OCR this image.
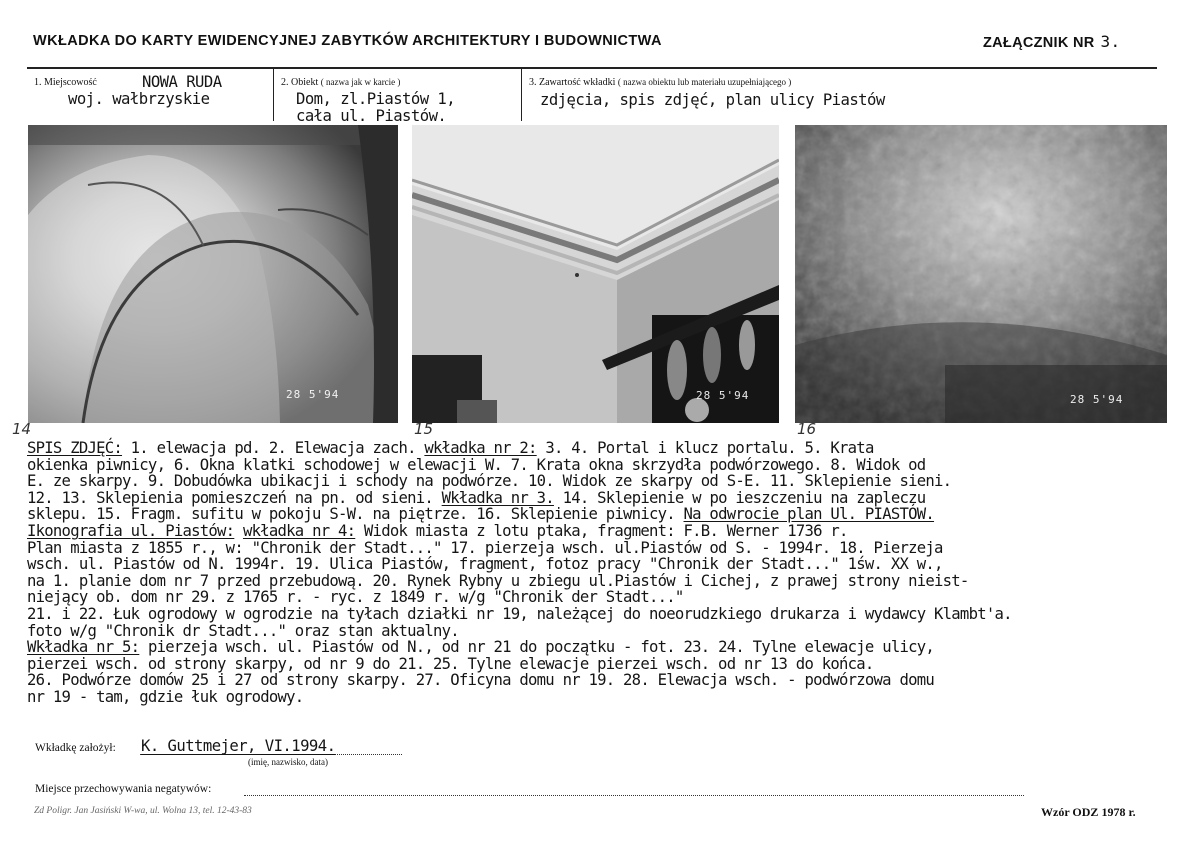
WKŁADKA DO KARTY EWIDENCYJNEJ ZABYTKÓW ARCHITEKTURY I BUDOWNICTWA	ZAŁĄCZNIK NR 3.
1. Miejscowość	NOWA RUDA
woj. wałbrzyskie
2. Obiekt ( nazwa jak w karcie )
Dom, zl.Piastów 1,
cała ul. Piastów.
3. Zawartość wkładki ( nazwa obiektu lub materiału uzupełniającego )
zdjęcia, spis zdjęć, plan ulicy Piastów
28 5'94	28 5'94	28 5'94
14	15	16
SPIS ZDJĘĆ: 1. elewacja pd. 2. Elewacja zach. wkładka nr 2: 3. 4. Portal i klucz portalu. 5. Krata
okienka piwnicy, 6. Okna klatki schodowej w elewacji W. 7. Krata okna skrzydła podwórzowego. 8. Widok od
E. ze skarpy. 9. Dobudówka ubikacji i schody na podwórze. 10. Widok ze skarpy od S-E. 11. Sklepienie sieni.
12. 13. Sklepienia pomieszczeń na pn. od sieni. Wkładka nr 3. 14. Sklepienie w po ieszczeniu na zapleczu
sklepu. 15. Fragm. sufitu w pokoju S-W. na piętrze. 16. Sklepienie piwnicy. Na odwrocie plan Ul. PIASTÓW.
Ikonografia ul. Piastów: wkładka nr 4: Widok miasta z lotu ptaka, fragment: F.B. Werner 1736 r.
Plan miasta z 1855 r., w: "Chronik der Stadt..." 17. pierzeja wsch. ul.Piastów od S. - 1994r. 18. Pierzeja
wsch. ul. Piastów od N. 1994r. 19. Ulica Piastów, fragment, fotoz pracy "Chronik der Stadt..." 1św. XX w.,
na 1. planie dom nr 7 przed przebudową. 20. Rynek Rybny u zbiegu ul.Piastów i Cichej, z prawej strony nieist-
niejący ob. dom nr 29. z 1765 r. - ryc. z 1849 r. w/g "Chronik der Stadt..."
21. i 22. Łuk ogrodowy w ogrodzie na tyłach działki nr 19, należącej do noeorudzkiego drukarza i wydawcy Klambt'a.
foto w/g "Chronik dr Stadt..." oraz stan aktualny.
Wkładka nr 5: pierzeja wsch. ul. Piastów od N., od nr 21 do początku - fot. 23. 24. Tylne elewacje ulicy,
pierzei wsch. od strony skarpy, od nr 9 do 21. 25. Tylne elewacje pierzei wsch. od nr 13 do końca.
26. Podwórze domów 25 i 27 od strony skarpy. 27. Oficyna domu nr 19. 28. Elewacja wsch. - podwórzowa domu
nr 19 - tam, gdzie łuk ogrodowy.
Wkładkę założył: K. Guttmejer, VI.1994.
(imię, nazwisko, data)
Miejsce przechowywania negatywów:
Zd Poligr. Jan Jasiński W-wa, ul. Wolna 13, tel. 12-43-83	Wzór ODZ 1978 r.
